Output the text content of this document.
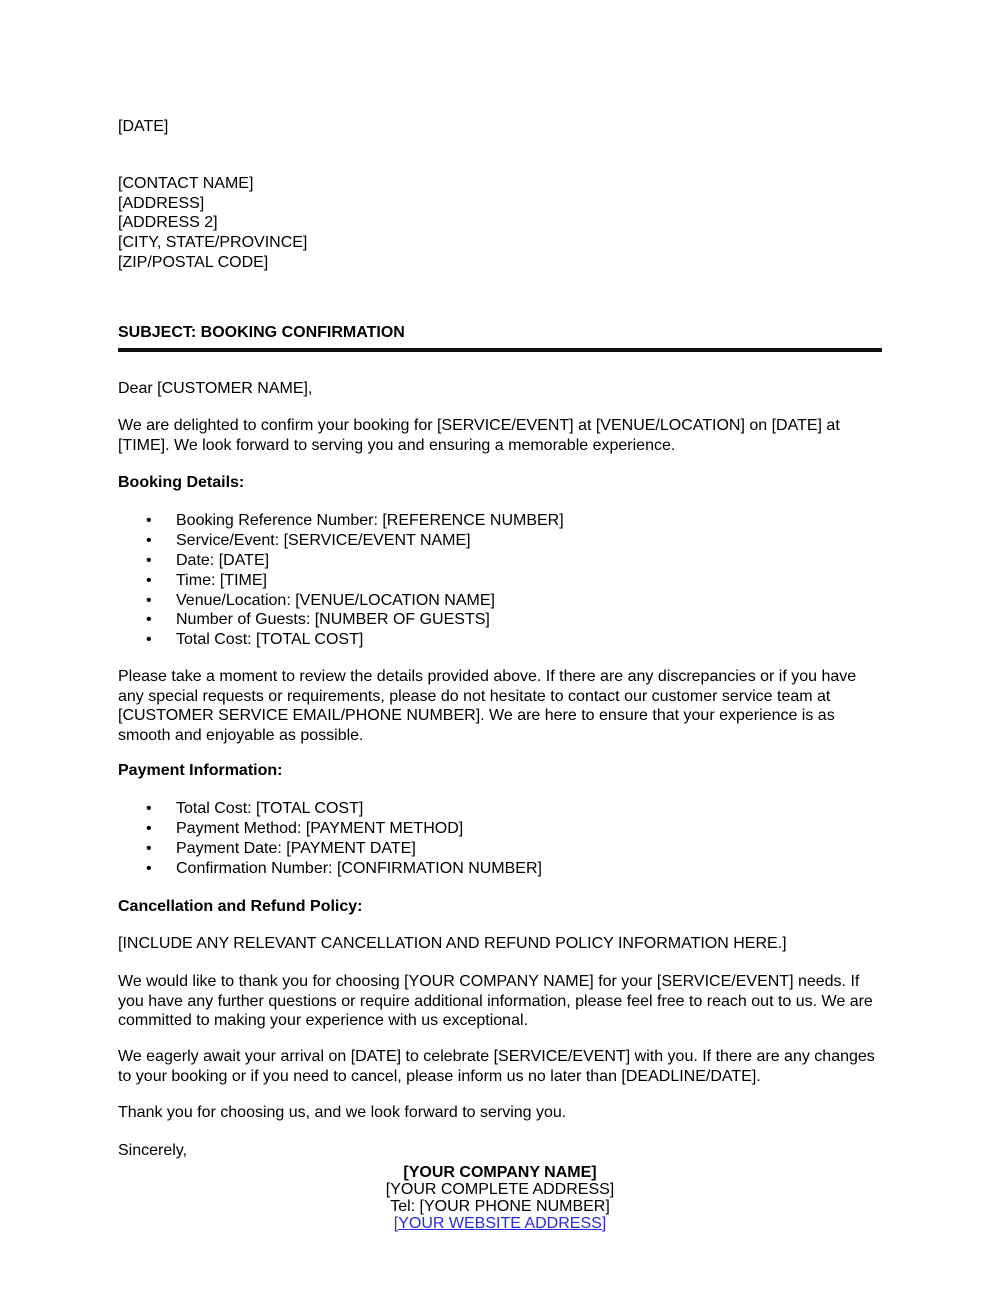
[DATE]
[CONTACT NAME]
[ADDRESS]
[ADDRESS 2]
[CITY, STATE/PROVINCE]
[ZIP/POSTAL CODE]
SUBJECT: BOOKING CONFIRMATION
Dear [CUSTOMER NAME],
We are delighted to confirm your booking for [SERVICE/EVENT] at [VENUE/LOCATION] on [DATE] at [TIME]. We look forward to serving you and ensuring a memorable experience.
Booking Details:
• Booking Reference Number: [REFERENCE NUMBER]
• Service/Event: [SERVICE/EVENT NAME]
• Date: [DATE]
• Time: [TIME]
• Venue/Location: [VENUE/LOCATION NAME]
• Number of Guests: [NUMBER OF GUESTS]
• Total Cost: [TOTAL COST]
Please take a moment to review the details provided above. If there are any discrepancies or if you have any special requests or requirements, please do not hesitate to contact our customer service team at [CUSTOMER SERVICE EMAIL/PHONE NUMBER]. We are here to ensure that your experience is as smooth and enjoyable as possible.
Payment Information:
• Total Cost: [TOTAL COST]
• Payment Method: [PAYMENT METHOD]
• Payment Date: [PAYMENT DATE]
• Confirmation Number: [CONFIRMATION NUMBER]
Cancellation and Refund Policy:
[INCLUDE ANY RELEVANT CANCELLATION AND REFUND POLICY INFORMATION HERE.]
We would like to thank you for choosing [YOUR COMPANY NAME] for your [SERVICE/EVENT] needs. If you have any further questions or require additional information, please feel free to reach out to us. We are committed to making your experience with us exceptional.
We eagerly await your arrival on [DATE] to celebrate [SERVICE/EVENT] with you. If there are any changes to your booking or if you need to cancel, please inform us no later than [DEADLINE/DATE].
Thank you for choosing us, and we look forward to serving you.
Sincerely,
[YOUR COMPANY NAME]
[YOUR COMPLETE ADDRESS]
Tel: [YOUR PHONE NUMBER]
[YOUR WEBSITE ADDRESS]
